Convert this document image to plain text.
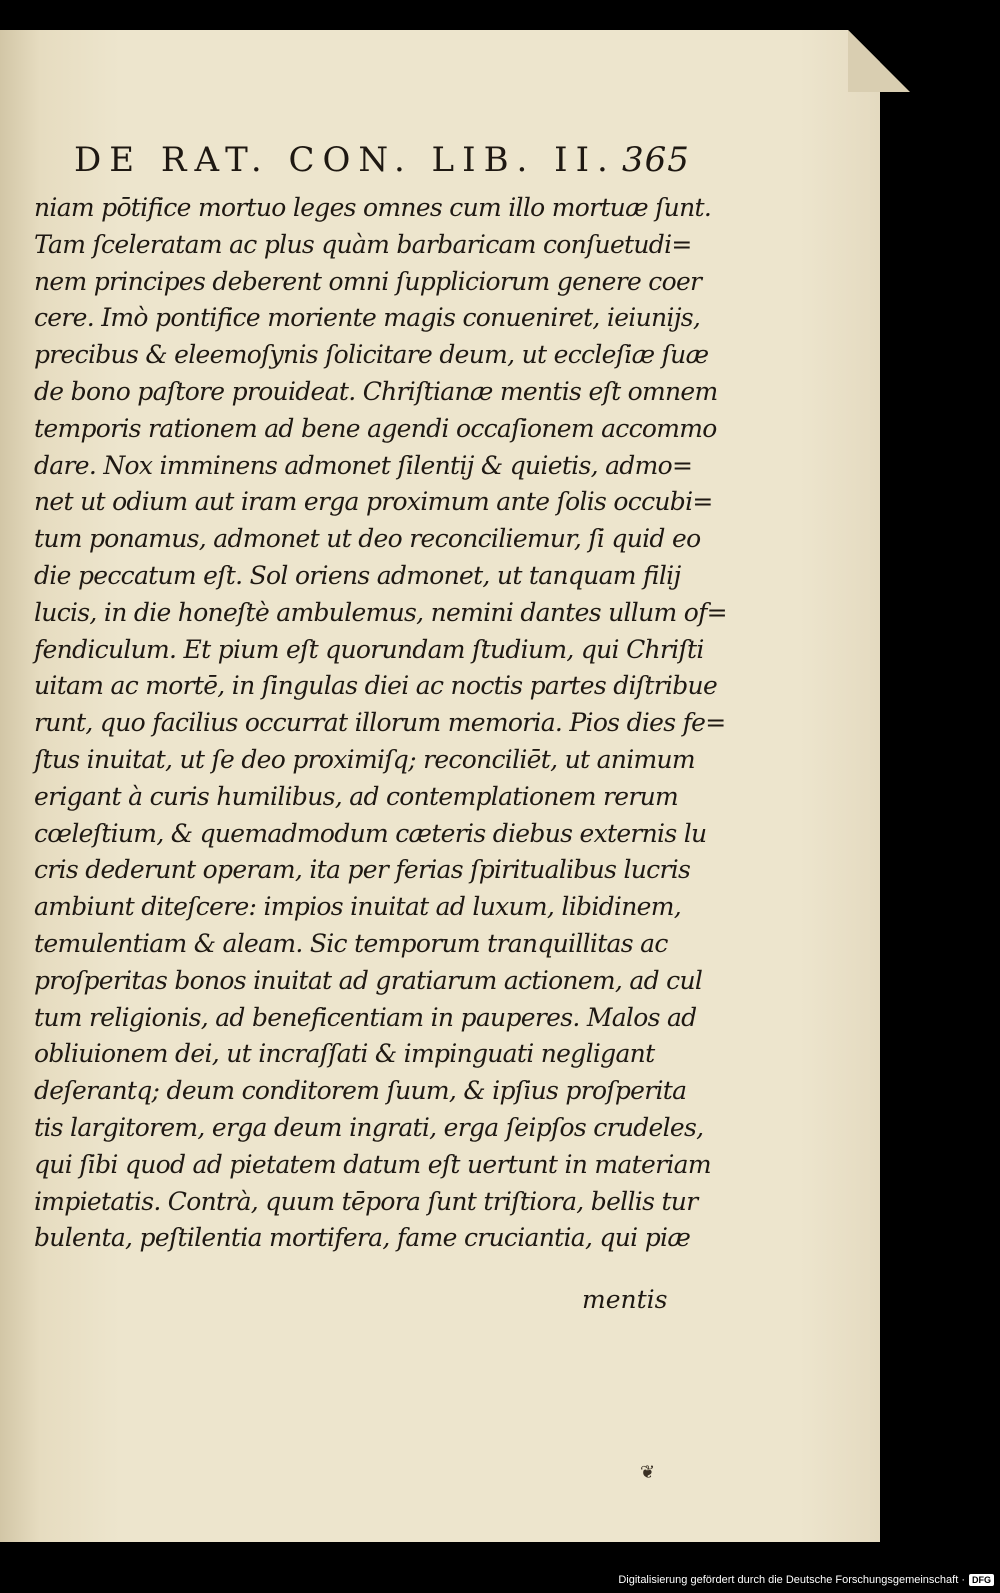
DE RAT. CON. LIB. II. 365
niam pōtifice mortuo leges omnes cum illo mortuæ ſunt.
Tam ſceleratam ac plus quàm barbaricam conſuetudi=
nem principes deberent omni ſuppliciorum genere coer
cere. Imò pontifice moriente magis conueniret, ieiunijs,
precibus & eleemoſynis ſolicitare deum, ut eccleſiæ ſuæ
de bono paſtore prouideat. Chriſtianæ mentis eſt omnem
temporis rationem ad bene agendi occaſionem accommo
dare. Nox imminens admonet ſilentij & quietis, admo=
net ut odium aut iram erga proximum ante ſolis occubi=
tum ponamus, admonet ut deo reconciliemur, ſi quid eo
die peccatum eſt. Sol oriens admonet, ut tanquam filij
lucis, in die honeſtè ambulemus, nemini dantes ullum of=
fendiculum. Et pium eſt quorundam ſtudium, qui Chriſti
uitam ac mortē, in ſingulas diei ac noctis partes diſtribue
runt, quo facilius occurrat illorum memoria. Pios dies fe=
ſtus inuitat, ut ſe deo proximiſq; reconciliēt, ut animum
erigant à curis humilibus, ad contemplationem rerum
cœleſtium, & quemadmodum cæteris diebus externis lu
cris dederunt operam, ita per ferias ſpiritualibus lucris
ambiunt diteſcere: impios inuitat ad luxum, libidinem,
temulentiam & aleam. Sic temporum tranquillitas ac
proſperitas bonos inuitat ad gratiarum actionem, ad cul
tum religionis, ad beneficentiam in pauperes. Malos ad
obliuionem dei, ut incraſſati & impinguati negligant
deſerantq; deum conditorem ſuum, & ipſius proſperita
tis largitorem, erga deum ingrati, erga ſeipſos crudeles,
qui ſibi quod ad pietatem datum eſt uertunt in materiam
impietatis. Contrà, quum tēpora ſunt triſtiora, bellis tur
bulenta, peſtilentia mortifera, fame cruciantia, qui piæ
mentis
❦
Digitalisierung gefördert durch die Deutsche Forschungsgemeinschaft · DFG
